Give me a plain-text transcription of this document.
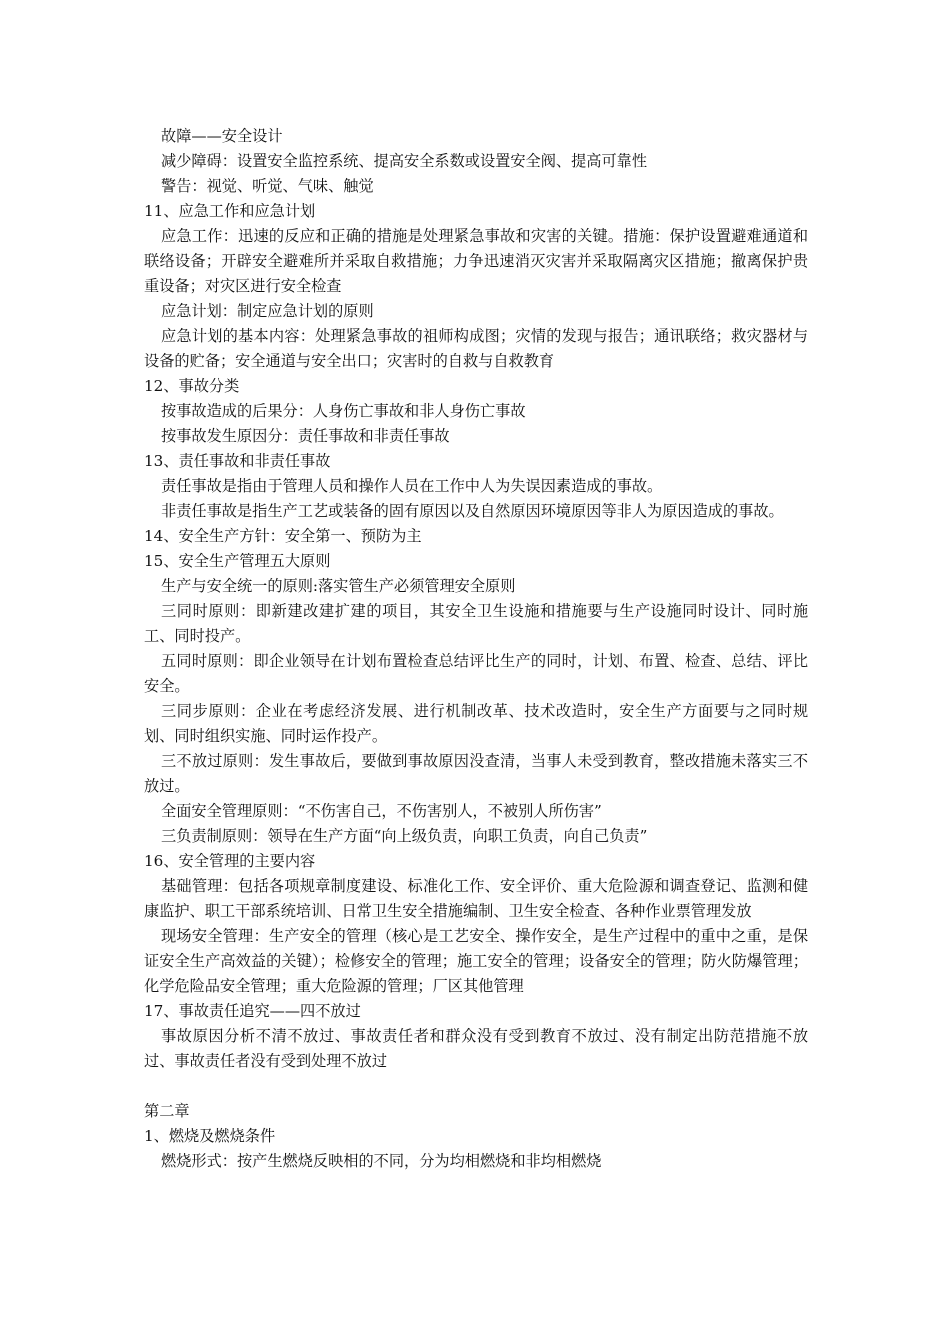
故障——安全设计

减少障碍：设置安全监控系统、提高安全系数或设置安全阀、提高可靠性

警告：视觉、听觉、气味、触觉

11、应急工作和应急计划

应急工作：迅速的反应和正确的措施是处理紧急事故和灾害的关键。措施：保护设置避难通道和联络设备；开辟安全避难所并采取自救措施；力争迅速消灭灾害并采取隔离灾区措施；撤离保护贵重设备；对灾区进行安全检查

应急计划：制定应急计划的原则

应急计划的基本内容：处理紧急事故的祖师构成图；灾情的发现与报告；通讯联络；救灾器材与设备的贮备；安全通道与安全出口；灾害时的自救与自救教育

12、事故分类

按事故造成的后果分：人身伤亡事故和非人身伤亡事故

按事故发生原因分：责任事故和非责任事故

13、责任事故和非责任事故

责任事故是指由于管理人员和操作人员在工作中人为失误因素造成的事故。

非责任事故是指生产工艺或装备的固有原因以及自然原因环境原因等非人为原因造成的事故。

14、安全生产方针：安全第一、预防为主

15、安全生产管理五大原则

生产与安全统一的原则:落实管生产必须管理安全原则

三同时原则：即新建改建扩建的项目，其安全卫生设施和措施要与生产设施同时设计、同时施工、同时投产。

五同时原则：即企业领导在计划布置检查总结评比生产的同时，计划、布置、检查、总结、评比安全。

三同步原则：企业在考虑经济发展、进行机制改革、技术改造时，安全生产方面要与之同时规划、同时组织实施、同时运作投产。

三不放过原则：发生事故后，要做到事故原因没查清，当事人未受到教育，整改措施未落实三不放过。

全面安全管理原则：“不伤害自己，不伤害别人，不被别人所伤害”

三负责制原则：领导在生产方面“向上级负责，向职工负责，向自己负责”

16、安全管理的主要内容

基础管理：包括各项规章制度建设、标准化工作、安全评价、重大危险源和调查登记、监测和健康监护、职工干部系统培训、日常卫生安全措施编制、卫生安全检查、各种作业票管理发放

现场安全管理：生产安全的管理（核心是工艺安全、操作安全，是生产过程中的重中之重，是保证安全生产高效益的关键）；检修安全的管理；施工安全的管理；设备安全的管理；防火防爆管理；化学危险品安全管理；重大危险源的管理；厂区其他管理

17、事故责任追究——四不放过

事故原因分析不清不放过、事故责任者和群众没有受到教育不放过、没有制定出防范措施不放过、事故责任者没有受到处理不放过

第二章

1、燃烧及燃烧条件

燃烧形式：按产生燃烧反映相的不同，分为均相燃烧和非均相燃烧
